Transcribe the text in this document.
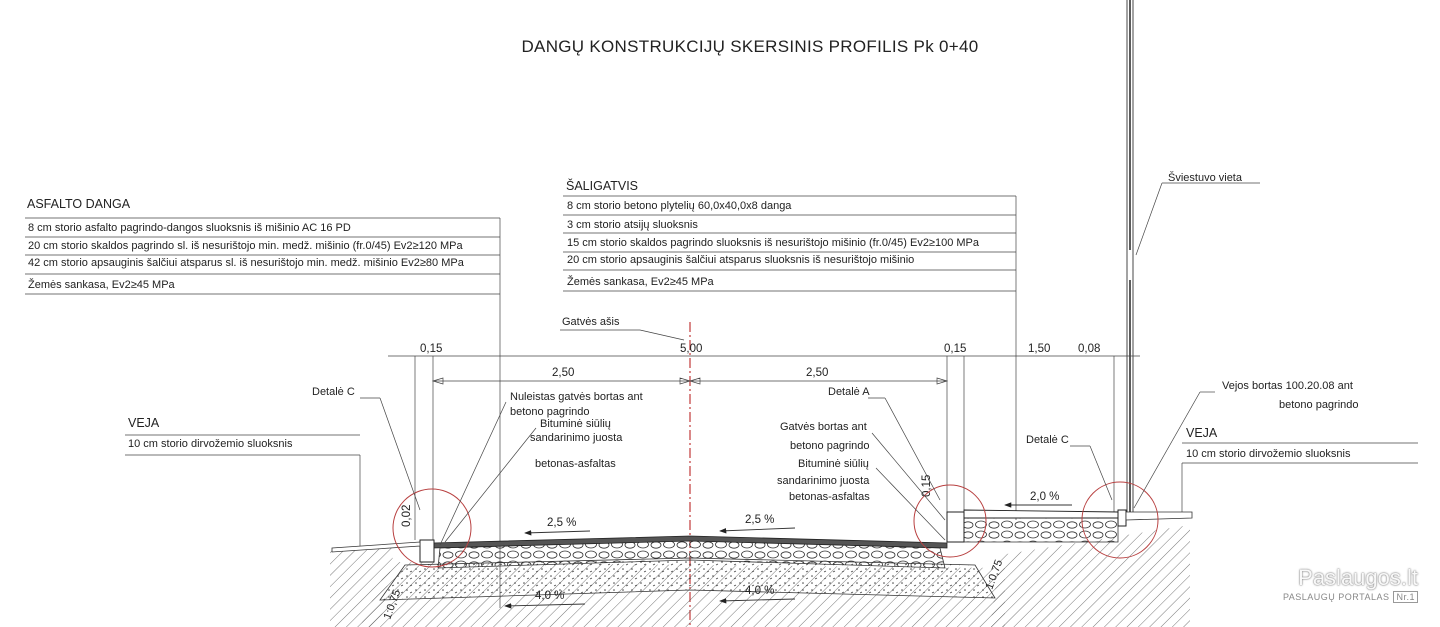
DANGŲ KONSTRUKCIJŲ SKERSINIS PROFILIS Pk 0+40
ASFALTO DANGA
8 cm storio asfalto pagrindo-dangos sluoksnis iš mišinio AC 16 PD
20 cm storio skaldos pagrindo sl. iš nesurištojo min. medž. mišinio (fr.0/45) Ev2≥120 MPa
42 cm storio apsauginis šalčiui atsparus sl. iš nesurištojo min. medž. mišinio Ev2≥80 MPa
Žemės sankasa, Ev2≥45 MPa
ŠALIGATVIS
8 cm storio betono plytelių 60,0x40,0x8 danga
3 cm storio atsijų sluoksnis
15 cm storio skaldos pagrindo sluoksnis iš nesurištojo mišinio (fr.0/45) Ev2≥100 MPa
20 cm storio apsauginis šalčiui atsparus sluoksnis iš nesurištojo mišinio
Žemės sankasa, Ev2≥45 MPa
VEJA
10 cm storio dirvožemio sluoksnis
VEJA
10 cm storio dirvožemio sluoksnis
Šviestuvo vieta
Gatvės ašis
0,15	5,00	0,15	1,50 0,08
2,50	2,50
0,02
0,15
Detalė C	Nuleistas gatvės bortas ant
betono pagrindo
Bituminė siūlių
sandarinimo juosta
betonas-asfaltas
Detalė A
Gatvės bortas ant
betono pagrindo
Bituminė siūlių
sandarinimo juosta
betonas-asfaltas
Detalė C
Vejos bortas 100.20.08 ant
betono pagrindo
2,5 %	2,5 %
2,0 %
4,0 %	4,0 %
Paslaugos.lt
PASLAUGŲ PORTALAS Nr.1
